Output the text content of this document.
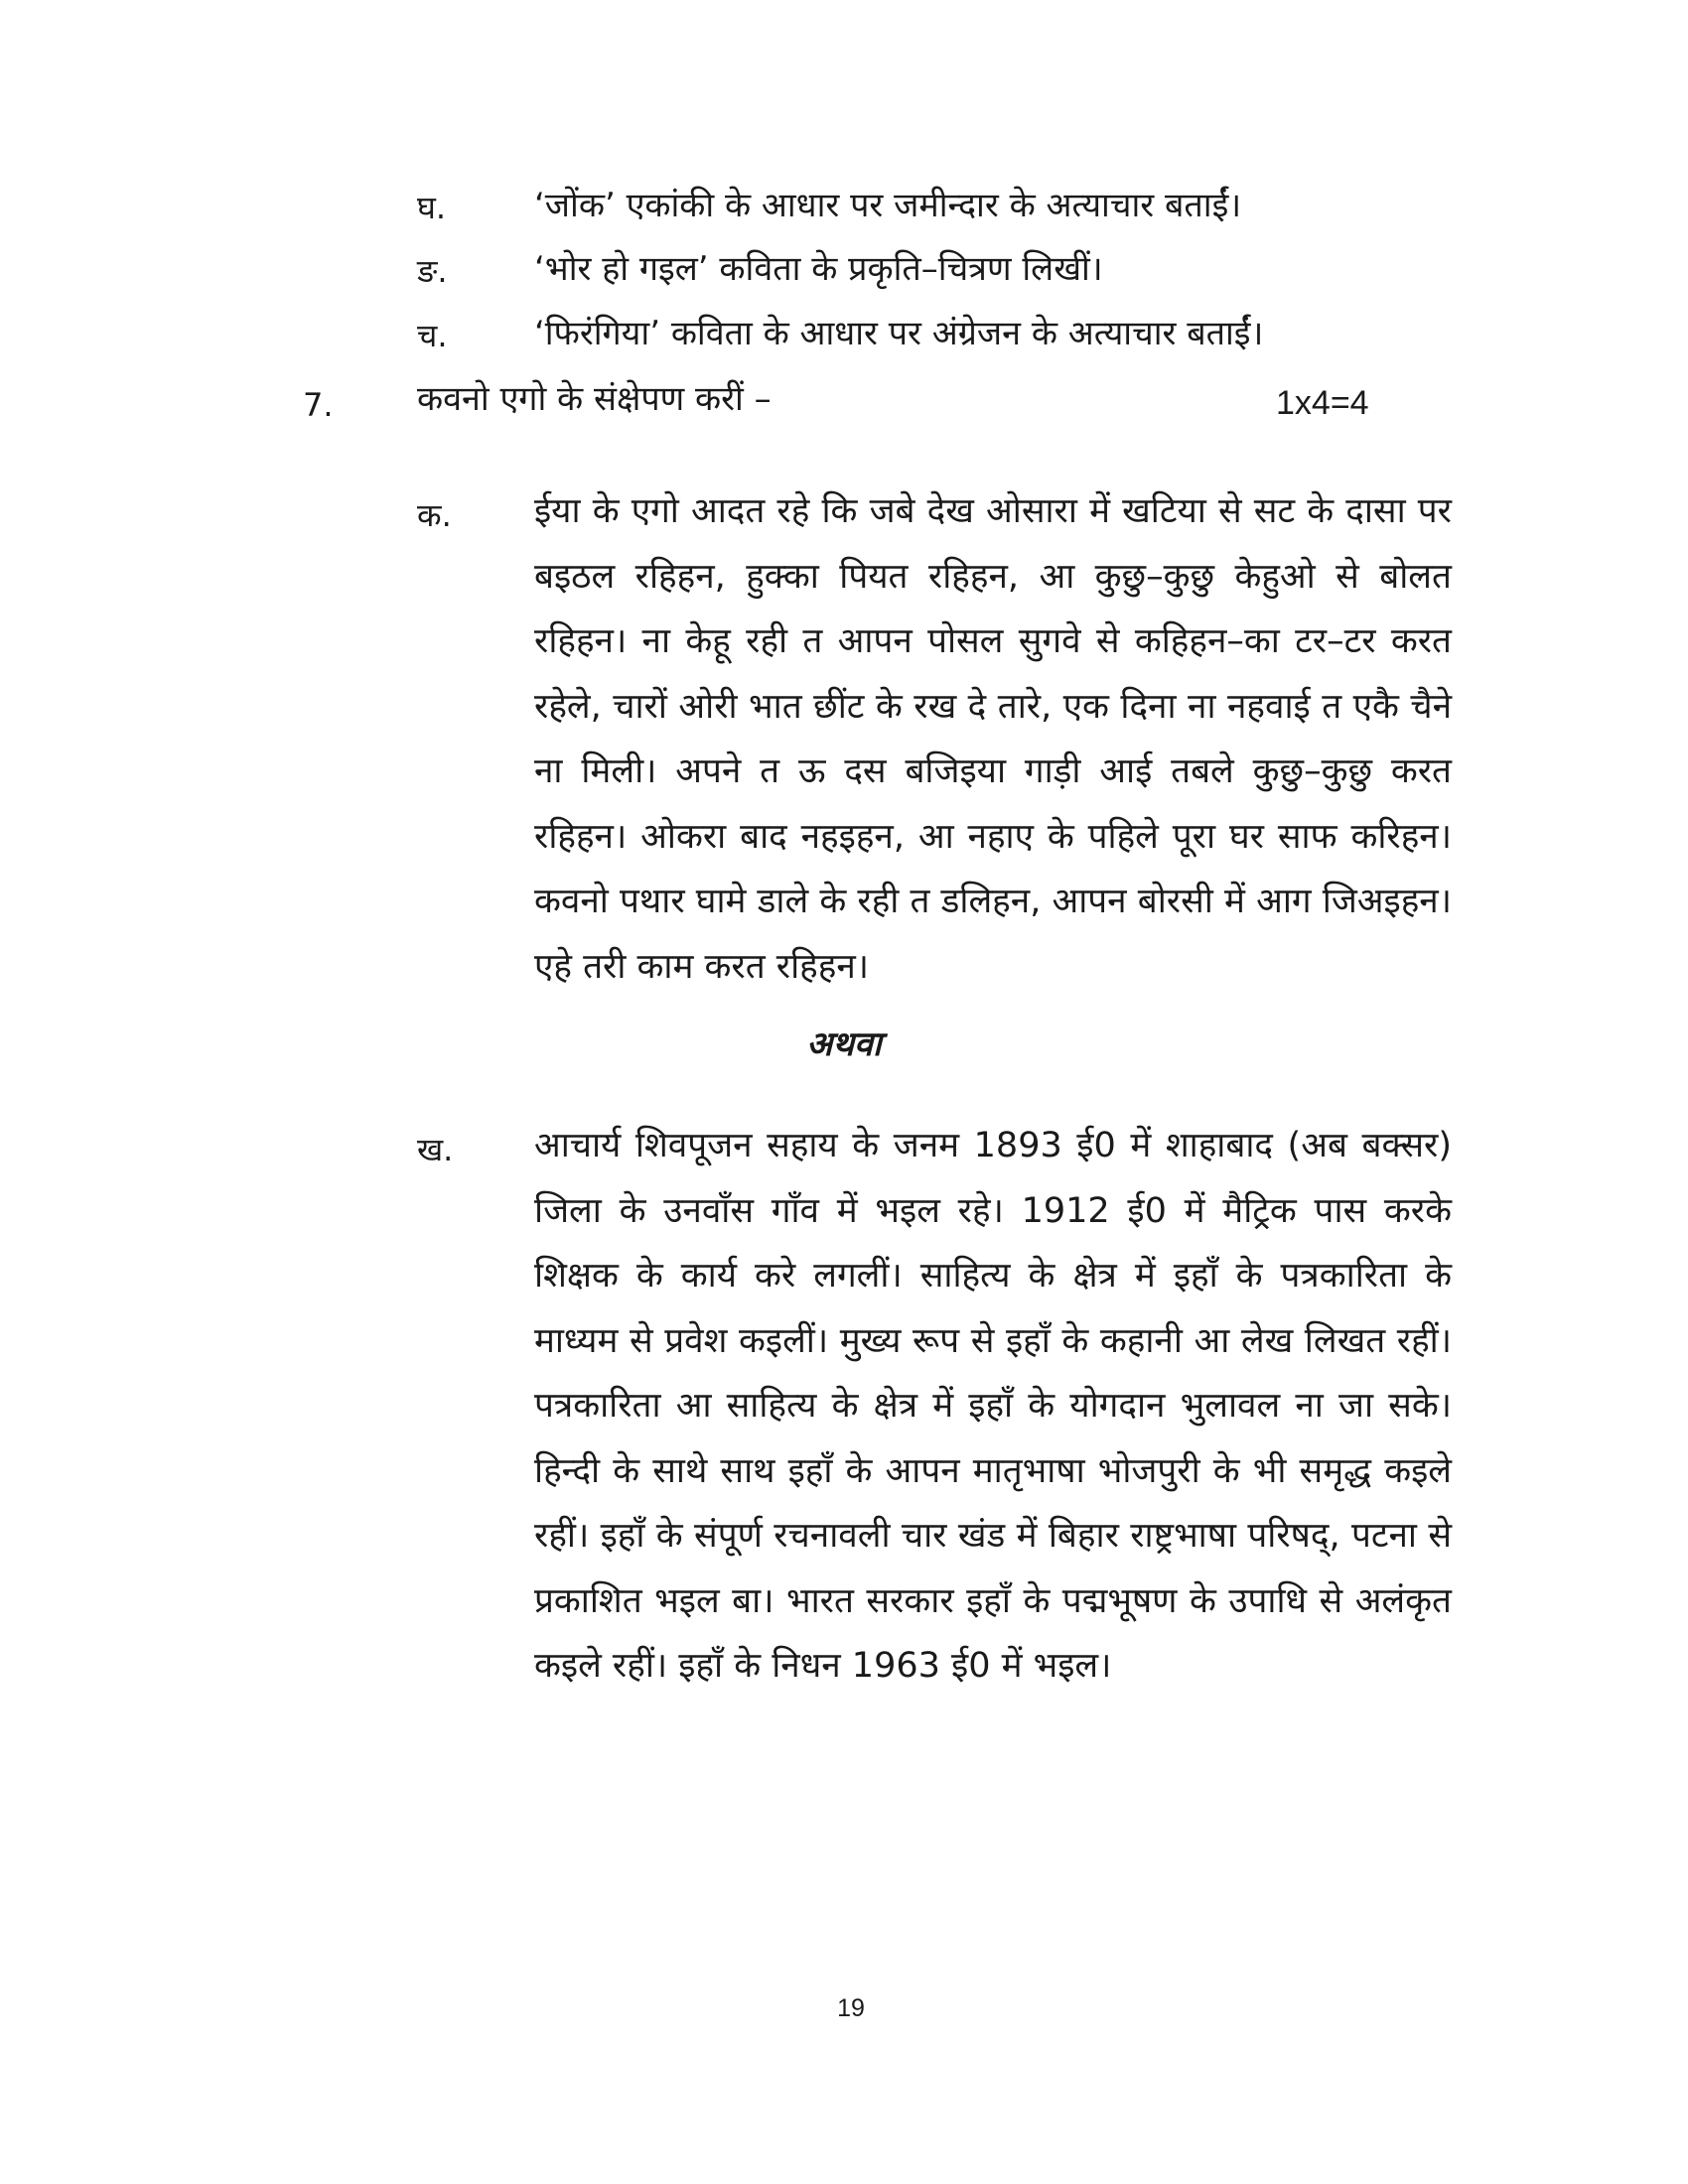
घ.	‘जोंक’ एकांकी के आधार पर जमीन्दार के अत्याचार बताईं।
ङ.	‘भोर हो गइल’ कविता के प्रकृति–चित्रण लिखीं।
च.	‘फिरंगिया’ कविता के आधार पर अंग्रेजन के अत्याचार बताईं।
7. कवनो एगो के संक्षेपण करीं –	1x4=4
क. ईया के एगो आदत रहे कि जबे देख ओसारा में खटिया से सट के दासा पर बइठल रहिहन, हुक्का पियत रहिहन, आ कुछु–कुछु केहुओ से बोलत रहिहन। ना केहू रही त आपन पोसल सुगवे से कहिहन–का टर–टर करत रहेले, चारों ओरी भात छींट के रख दे तारे, एक दिना ना नहवाई त एकै चैने ना मिली। अपने त ऊ दस बजिइया गाड़ी आई तबले कुछु–कुछु करत रहिहन। ओकरा बाद नहइहन, आ नहाए के पहिले पूरा घर साफ करिहन। कवनो पथार घामे डाले के रही त डलिहन, आपन बोरसी में आग जिअइहन। एहे तरी काम करत रहिहन।
अथवा
ख. आचार्य शिवपूजन सहाय के जनम 1893 ई0 में शाहाबाद (अब बक्सर) जिला के उनवाँस गाँव में भइल रहे। 1912 ई0 में मैट्रिक पास करके शिक्षक के कार्य करे लगलीं। साहित्य के क्षेत्र में इहाँ के पत्रकारिता के माध्यम से प्रवेश कइलीं। मुख्य रूप से इहाँ के कहानी आ लेख लिखत रहीं। पत्रकारिता आ साहित्य के क्षेत्र में इहाँ के योगदान भुलावल ना जा सके। हिन्दी के साथे साथ इहाँ के आपन मातृभाषा भोजपुरी के भी समृद्ध कइले रहीं। इहाँ के संपूर्ण रचनावली चार खंड में बिहार राष्ट्रभाषा परिषद्, पटना से प्रकाशित भइल बा। भारत सरकार इहाँ के पद्मभूषण के उपाधि से अलंकृत कइले रहीं। इहाँ के निधन 1963 ई0 में भइल।
19
